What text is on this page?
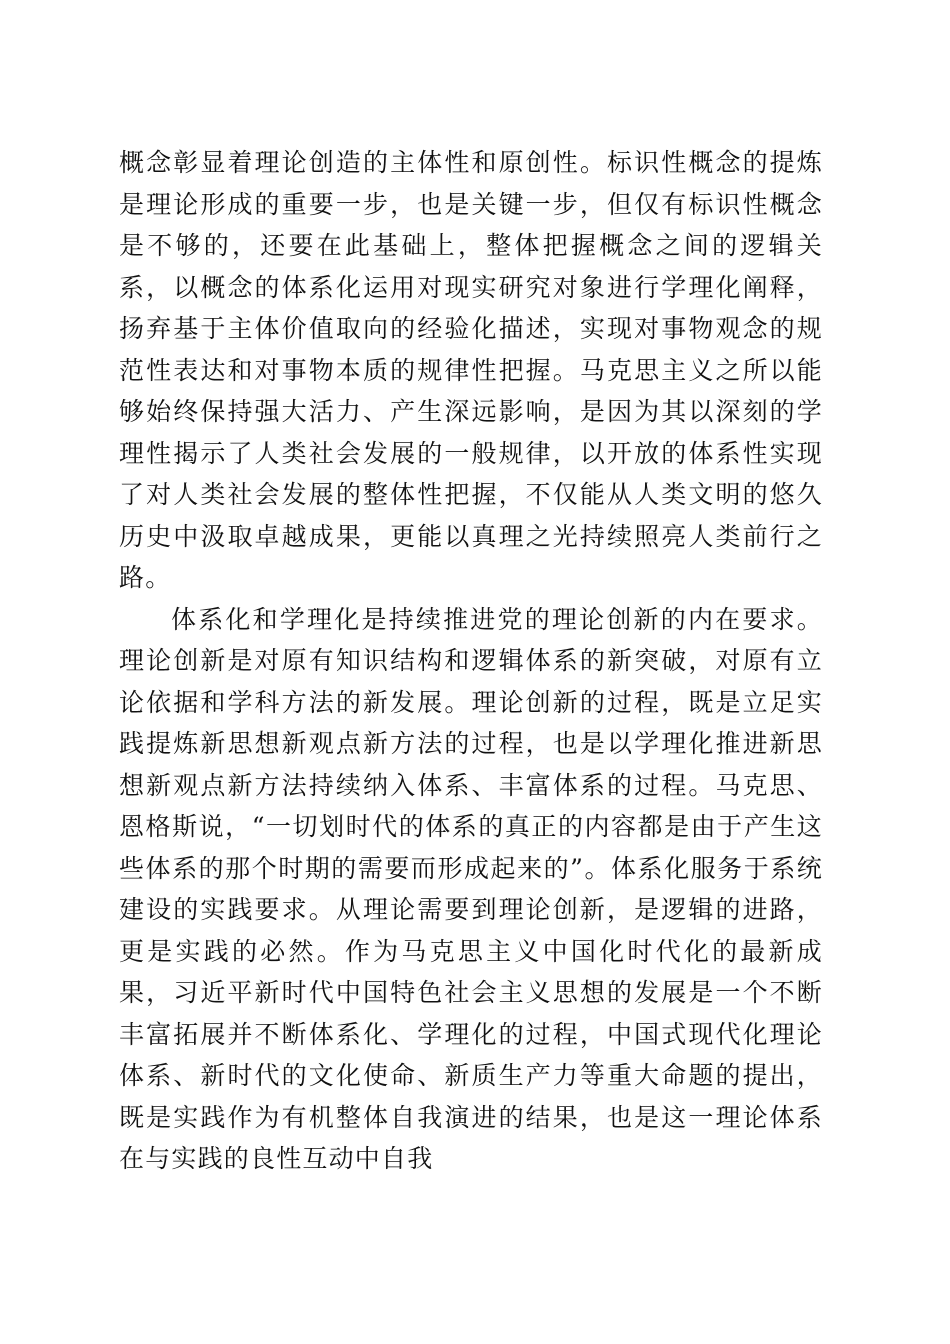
概念彰显着理论创造的主体性和原创性。标识性概念的提炼是理论形成的重要一步，也是关键一步，但仅有标识性概念是不够的，还要在此基础上，整体把握概念之间的逻辑关系，以概念的体系化运用对现实研究对象进行学理化阐释，扬弃基于主体价值取向的经验化描述，实现对事物观念的规范性表达和对事物本质的规律性把握。马克思主义之所以能够始终保持强大活力、产生深远影响，是因为其以深刻的学理性揭示了人类社会发展的一般规律，以开放的体系性实现了对人类社会发展的整体性把握，不仅能从人类文明的悠久历史中汲取卓越成果，更能以真理之光持续照亮人类前行之路。

体系化和学理化是持续推进党的理论创新的内在要求。理论创新是对原有知识结构和逻辑体系的新突破，对原有立论依据和学科方法的新发展。理论创新的过程，既是立足实践提炼新思想新观点新方法的过程，也是以学理化推进新思想新观点新方法持续纳入体系、丰富体系的过程。马克思、恩格斯说，“一切划时代的体系的真正的内容都是由于产生这些体系的那个时期的需要而形成起来的”。体系化服务于系统建设的实践要求。从理论需要到理论创新，是逻辑的进路，更是实践的必然。作为马克思主义中国化时代化的最新成果，习近平新时代中国特色社会主义思想的发展是一个不断丰富拓展并不断体系化、学理化的过程，中国式现代化理论体系、新时代的文化使命、新质生产力等重大命题的提出，既是实践作为有机整体自我演进的结果，也是这一理论体系在与实践的良性互动中自我
